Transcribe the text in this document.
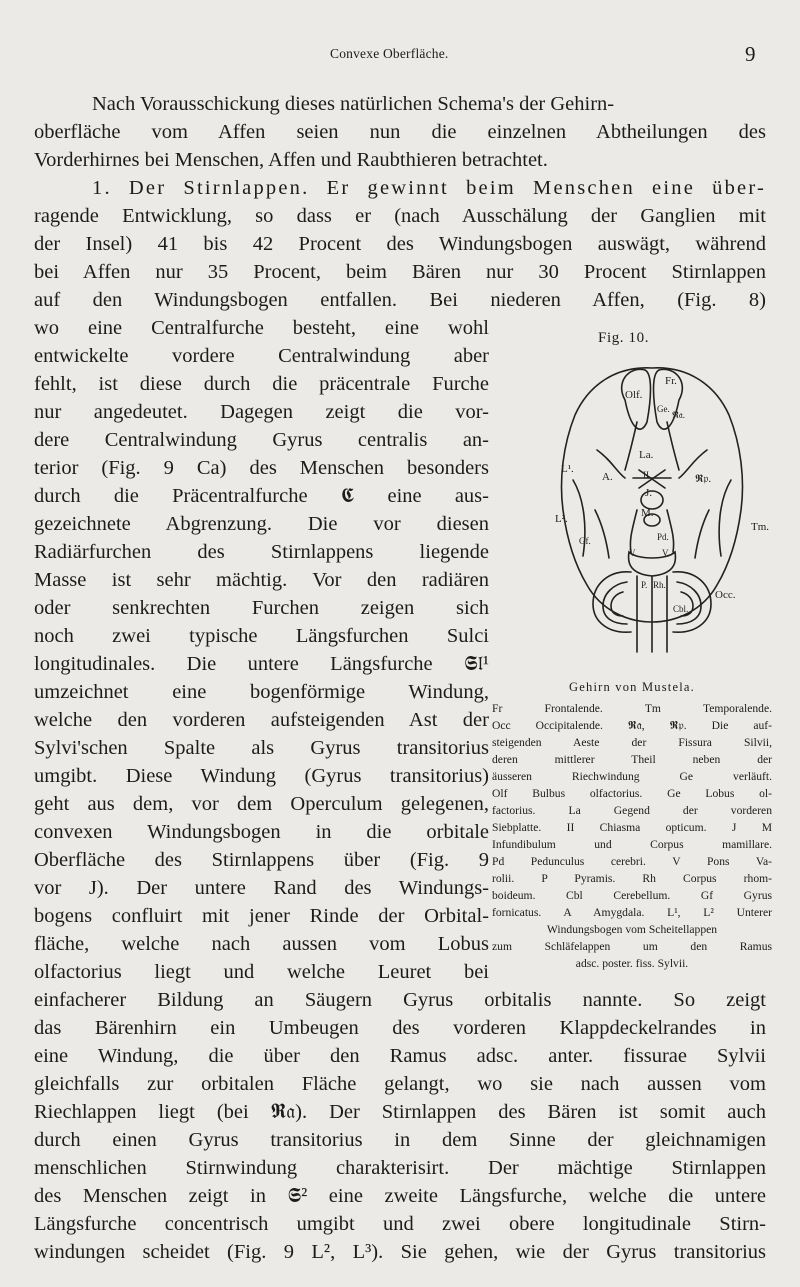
Convexe Oberfläche.	9
Nach Vorausschickung dieses natürlichen Schema's der Gehirn-
oberfläche vom Affen seien nun die einzelnen Abtheilungen des
Vorderhirnes bei Menschen, Affen und Raubthieren betrachtet.
1. Der Stirnlappen. Er gewinnt beim Menschen eine über-
ragende Entwicklung, so dass er (nach Ausschälung der Ganglien mit
der Insel) 41 bis 42 Procent des Windungsbogen auswägt, während
bei Affen nur 35 Procent, beim Bären nur 30 Procent Stirnlappen
auf den Windungsbogen entfallen. Bei niederen Affen, (Fig. 8)
wo eine Centralfurche besteht, eine wohl
entwickelte vordere Centralwindung aber
fehlt, ist diese durch die präcentrale Furche
nur angedeutet. Dagegen zeigt die vor-
dere Centralwindung Gyrus centralis an-
terior (Fig. 9 Ca) des Menschen besonders
durch die Präcentralfurche 𝕮 eine aus-
gezeichnete Abgrenzung. Die vor diesen
Radiärfurchen des Stirnlappens liegende
Masse ist sehr mächtig. Vor den radiären
oder senkrechten Furchen zeigen sich
noch zwei typische Längsfurchen Sulci
longitudinales. Die untere Längsfurche 𝕾𝔩¹
umzeichnet eine bogenförmige Windung,
welche den vorderen aufsteigenden Ast der
Sylvi'schen Spalte als Gyrus transitorius
umgibt. Diese Windung (Gyrus transitorius)
geht aus dem, vor dem Operculum gelegenen,
convexen Windungsbogen in die orbitale
Oberfläche des Stirnlappens über (Fig. 9
vor J). Der untere Rand des Windungs-
bogens confluirt mit jener Rinde der Orbital-
fläche, welche nach aussen vom Lobus
olfactorius liegt und welche Leuret bei
einfacherer Bildung an Säugern Gyrus orbitalis nannte. So zeigt
das Bärenhirn ein Umbeugen des vorderen Klappdeckelrandes in
eine Windung, die über den Ramus adsc. anter. fissurae Sylvii
gleichfalls zur orbitalen Fläche gelangt, wo sie nach aussen vom
Riechlappen liegt (bei 𝕽𝔞). Der Stirnlappen des Bären ist somit auch
durch einen Gyrus transitorius in dem Sinne der gleichnamigen
menschlichen Stirnwindung charakterisirt. Der mächtige Stirnlappen
des Menschen zeigt in 𝕾² eine zweite Längsfurche, welche die untere
Längsfurche concentrisch umgibt und zwei obere longitudinale Stirn-
windungen scheidet (Fig. 9 L², L³). Sie gehen, wie der Gyrus transitorius
Fig. 10.
Fr.
Olf.
Ge.
𝕽𝔞.
La.
L¹.
A.	II.
J.
𝕽𝔭.
M.
L².
Tm.
Gf.	Pd.
V.	V.
P. Rh.
Occ.
Cbl.
Gehirn von Mustela.
Fr Frontalende. Tm Temporalende.
Occ Occipitalende. 𝕽𝔞, 𝕽𝔭. Die auf-
steigenden Aeste der Fissura Silvii,
deren mittlerer Theil neben der
äusseren Riechwindung Ge verläuft.
Olf Bulbus olfactorius. Ge Lobus ol-
factorius. La Gegend der vorderen
Siebplatte. II Chiasma opticum. J M
Infundibulum und Corpus mamillare.
Pd Pedunculus cerebri. V Pons Va-
rolii. P Pyramis. Rh Corpus rhom-
boideum. Cbl Cerebellum. Gf Gyrus
fornicatus. A Amygdala. L¹, L² Unterer
Windungsbogen vom Scheitellappen
zum Schläfelappen um den Ramus
adsc. poster. fiss. Sylvii.
